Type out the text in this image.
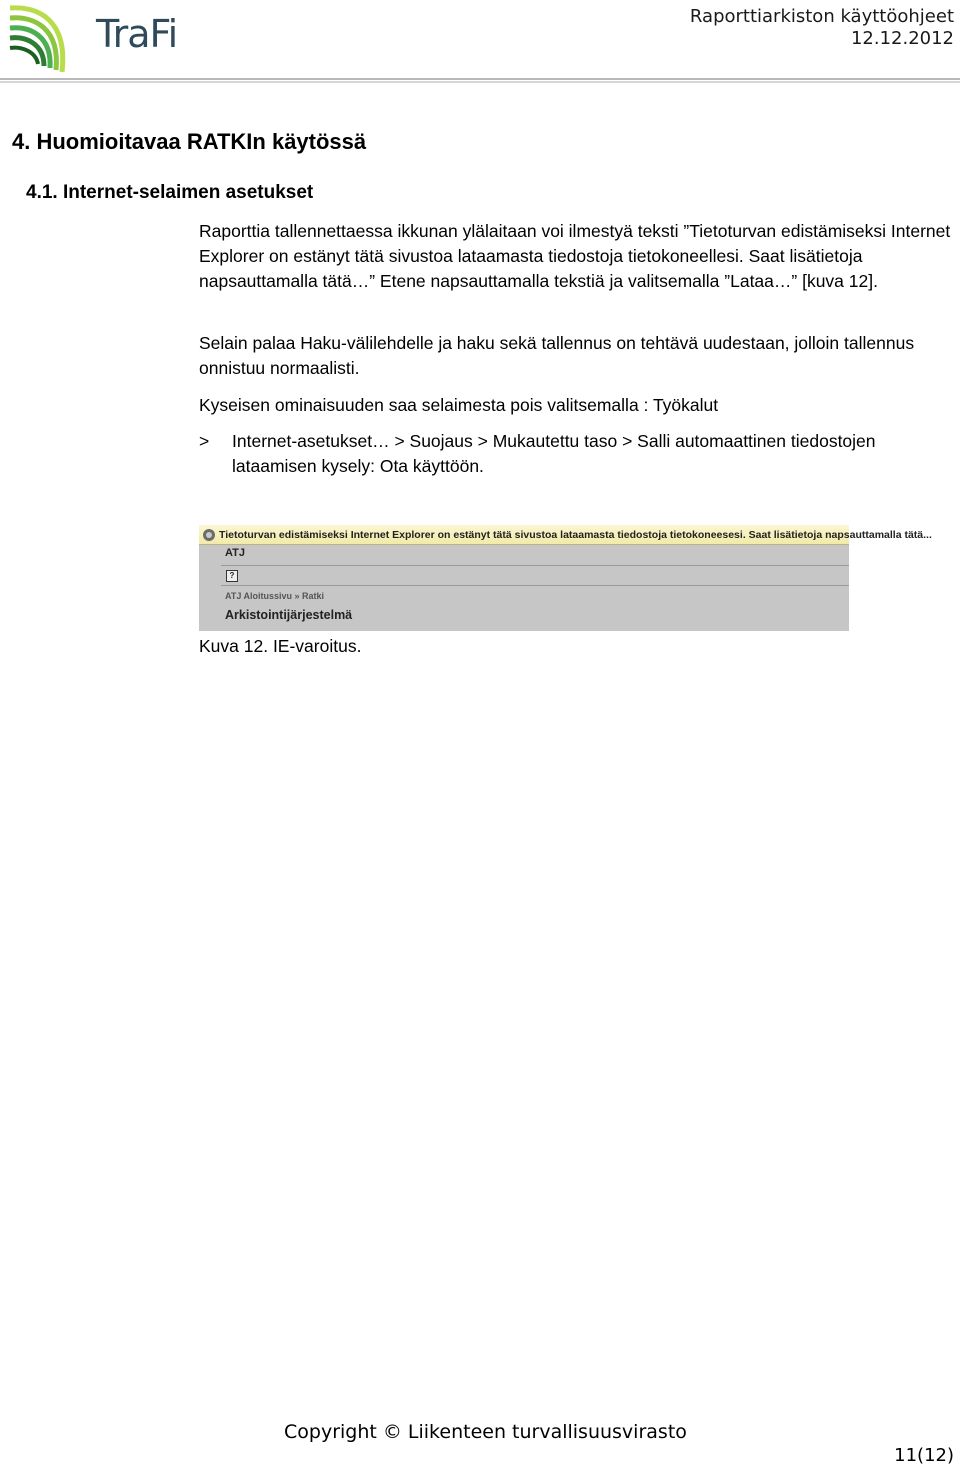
TraFi	Raporttiarkiston käyttöohjeet
12.12.2012
4. Huomioitavaa RATKIn käytössä
4.1. Internet-selaimen asetukset

Raporttia tallennettaessa ikkunan ylälaitaan voi ilmestyä teksti ”Tietoturvan edistämiseksi Internet Explorer on estänyt tätä sivustoa lataamasta tiedostoja tietokoneellesi. Saat lisätietoja napsauttamalla tätä…” Etene napsauttamalla tekstiä ja valitsemalla ”Lataa…” [kuva 12].

Selain palaa Haku-välilehdelle ja haku sekä tallennus on tehtävä uudestaan, jolloin tallennus onnistuu normaalisti.

Kyseisen ominaisuuden saa selaimesta pois valitsemalla : Työkalut

>	Internet-asetukset… > Suojaus > Mukautettu taso > Salli automaattinen tiedostojen lataamisen kysely: Ota käyttöön.
Tietoturvan edistämiseksi Internet Explorer on estänyt tätä sivustoa lataamasta tiedostoja tietokoneesesi. Saat lisätietoja napsauttamalla tätä...
ATJ
?
ATJ Aloitussivu » Ratki
Arkistointijärjestelmä
Kuva 12. IE-varoitus.
Copyright © Liikenteen turvallisuusvirasto
11(12)
